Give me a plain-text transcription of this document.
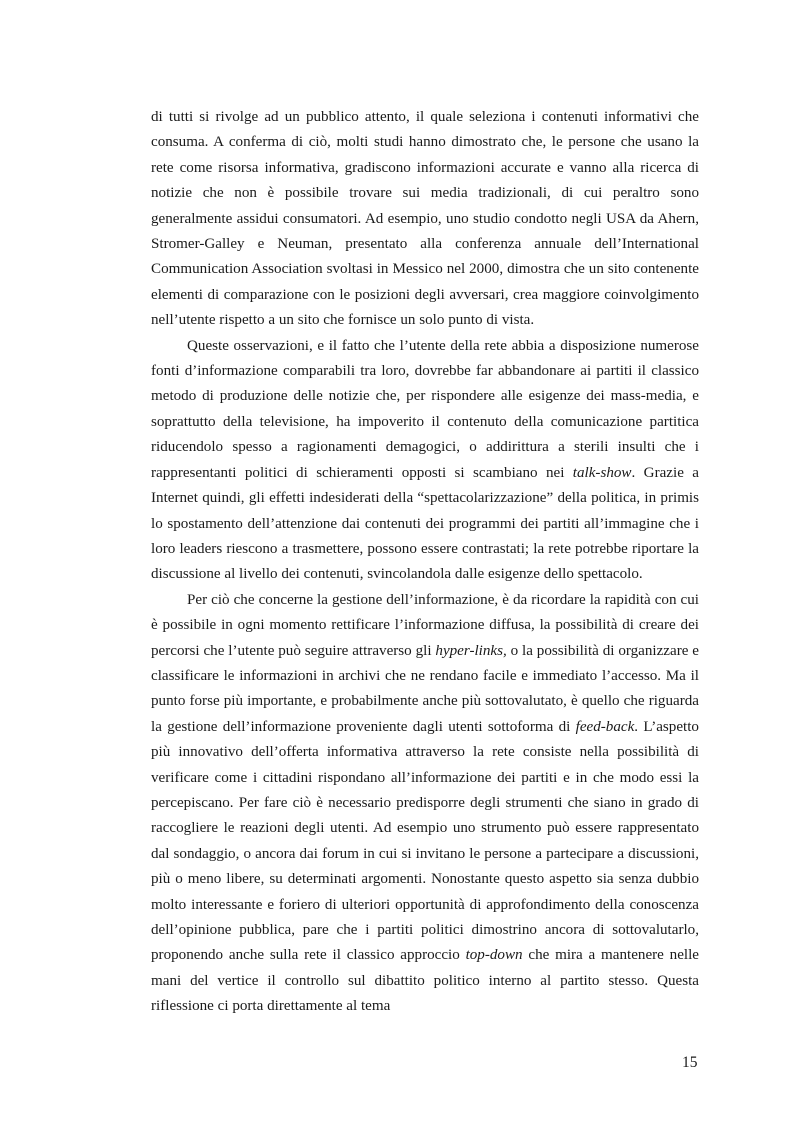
di tutti si rivolge ad un pubblico attento, il quale seleziona i contenuti informativi che consuma. A conferma di ciò, molti studi hanno dimostrato che, le persone che usano la rete come risorsa informativa, gradiscono informazioni accurate e vanno alla ricerca di notizie che non è possibile trovare sui media tradizionali, di cui peraltro sono generalmente assidui consumatori. Ad esempio, uno studio condotto negli USA da Ahern, Stromer-Galley e Neuman, presentato alla conferenza annuale dell’International Communication Association svoltasi in Messico nel 2000, dimostra che un sito contenente elementi di comparazione con le posizioni degli avversari, crea maggiore coinvolgimento nell’utente rispetto a un sito che fornisce un solo punto di vista.

Queste osservazioni, e il fatto che l’utente della rete abbia a disposizione numerose fonti d’informazione comparabili tra loro, dovrebbe far abbandonare ai partiti il classico metodo di produzione delle notizie che, per rispondere alle esigenze dei mass-media, e soprattutto della televisione, ha impoverito il contenuto della comunicazione partitica riducendolo spesso a ragionamenti demagogici, o addirittura a sterili insulti che i rappresentanti politici di schieramenti opposti si scambiano nei talk-show. Grazie a Internet quindi, gli effetti indesiderati della “spettacolarizzazione” della politica, in primis lo spostamento dell’attenzione dai contenuti dei programmi dei partiti all’immagine che i loro leaders riescono a trasmettere, possono essere contrastati; la rete potrebbe riportare la discussione al livello dei contenuti, svincolandola dalle esigenze dello spettacolo.

Per ciò che concerne la gestione dell’informazione, è da ricordare la rapidità con cui è possibile in ogni momento rettificare l’informazione diffusa, la possibilità di creare dei percorsi che l’utente può seguire attraverso gli hyper-links, o la possibilità di organizzare e classificare le informazioni in archivi che ne rendano facile e immediato l’accesso. Ma il punto forse più importante, e probabilmente anche più sottovalutato, è quello che riguarda la gestione dell’informazione proveniente dagli utenti sottoforma di feed-back. L’aspetto più innovativo dell’offerta informativa attraverso la rete consiste nella possibilità di verificare come i cittadini rispondano all’informazione dei partiti e in che modo essi la percepiscano. Per fare ciò è necessario predisporre degli strumenti che siano in grado di raccogliere le reazioni degli utenti. Ad esempio uno strumento può essere rappresentato dal sondaggio, o ancora dai forum in cui si invitano le persone a partecipare a discussioni, più o meno libere, su determinati argomenti. Nonostante questo aspetto sia senza dubbio molto interessante e foriero di ulteriori opportunità di approfondimento della conoscenza dell’opinione pubblica, pare che i partiti politici dimostrino ancora di sottovalutarlo, proponendo anche sulla rete il classico approccio top-down che mira a mantenere nelle mani del vertice il controllo sul dibattito politico interno al partito stesso. Questa riflessione ci porta direttamente al tema

15
